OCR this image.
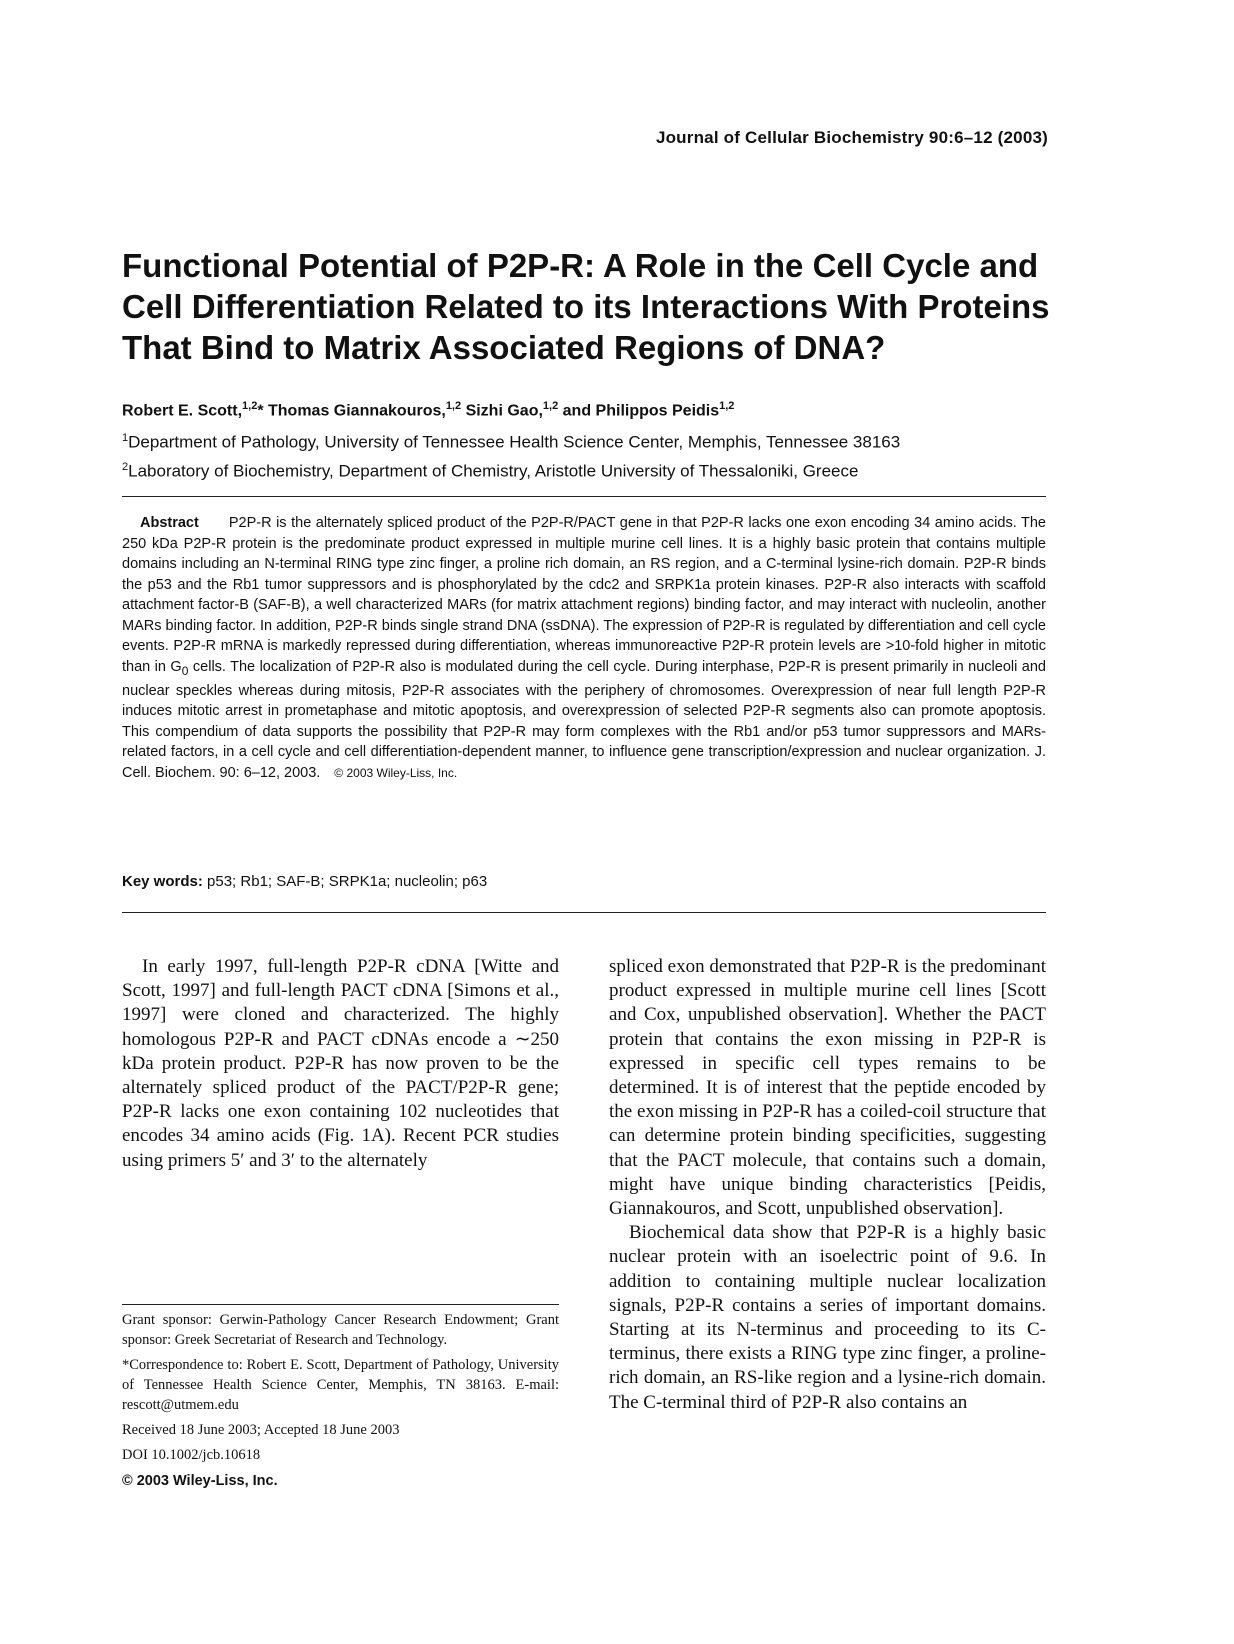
Journal of Cellular Biochemistry 90:6–12 (2003)
Functional Potential of P2P-R: A Role in the Cell Cycle and Cell Differentiation Related to its Interactions With Proteins That Bind to Matrix Associated Regions of DNA?
Robert E. Scott,$^{1,2}$* Thomas Giannakouros,$^{1,2}$ Sizhi Gao,$^{1,2}$ and Philippos Peidis$^{1,2}$
$^1$Department of Pathology, University of Tennessee Health Science Center, Memphis, Tennessee 38163
$^2$Laboratory of Biochemistry, Department of Chemistry, Aristotle University of Thessaloniki, Greece

Abstract P2P-R is the alternately spliced product of the P2P-R/PACT gene in that P2P-R lacks one exon encoding 34 amino acids. The 250 kDa P2P-R protein is the predominate product expressed in multiple murine cell lines. It is a highly basic protein that contains multiple domains including an N-terminal RING type zinc finger, a proline rich domain, an RS region, and a C-terminal lysine-rich domain. P2P-R binds the p53 and the Rb1 tumor suppressors and is phosphorylated by the cdc2 and SRPK1a protein kinases. P2P-R also interacts with scaffold attachment factor-B (SAF-B), a well characterized MARs (for matrix attachment regions) binding factor, and may interact with nucleolin, another MARs binding factor. In addition, P2P-R binds single strand DNA (ssDNA). The expression of P2P-R is regulated by differentiation and cell cycle events. P2P-R mRNA is markedly repressed during differentiation, whereas immunoreactive P2P-R protein levels are >10-fold higher in mitotic than in $G_0$ cells. The localization of P2P-R also is modulated during the cell cycle. During interphase, P2P-R is present primarily in nucleoli and nuclear speckles whereas during mitosis, P2P-R associates with the periphery of chromosomes. Overexpression of near full length P2P-R induces mitotic arrest in prometaphase and mitotic apoptosis, and overexpression of selected P2P-R segments also can promote apoptosis. This compendium of data supports the possibility that P2P-R may form complexes with the Rb1 and/or p53 tumor suppressors and MARs-related factors, in a cell cycle and cell differentiation-dependent manner, to influence gene transcription/expression and nuclear organization. J. Cell. Biochem. 90: 6–12, 2003. © 2003 Wiley-Liss, Inc.

Key words: p53; Rb1; SAF-B; SRPK1a; nucleolin; p63

In early 1997, full-length P2P-R cDNA [Witte and Scott, 1997] and full-length PACT cDNA [Simons et al., 1997] were cloned and characterized. The highly homologous P2P-R and PACT cDNAs encode a ∼250 kDa protein product. P2P-R has now proven to be the alternately spliced product of the PACT/P2P-R gene; P2P-R lacks one exon containing 102 nucleotides that encodes 34 amino acids (Fig. 1A). Recent PCR studies using primers 5′ and 3′ to the alternately

Grant sponsor: Gerwin-Pathology Cancer Research Endowment; Grant sponsor: Greek Secretariat of Research and Technology.

*Correspondence to: Robert E. Scott, Department of Pathology, University of Tennessee Health Science Center, Memphis, TN 38163. E-mail: rescott@utmem.edu

Received 18 June 2003; Accepted 18 June 2003

DOI 10.1002/jcb.10618

© 2003 Wiley-Liss, Inc.

spliced exon demonstrated that P2P-R is the predominant product expressed in multiple murine cell lines [Scott and Cox, unpublished observation]. Whether the PACT protein that contains the exon missing in P2P-R is expressed in specific cell types remains to be determined. It is of interest that the peptide encoded by the exon missing in P2P-R has a coiled-coil structure that can determine protein binding specificities, suggesting that the PACT molecule, that contains such a domain, might have unique binding characteristics [Peidis, Giannakouros, and Scott, unpublished observation].

Biochemical data show that P2P-R is a highly basic nuclear protein with an isoelectric point of 9.6. In addition to containing multiple nuclear localization signals, P2P-R contains a series of important domains. Starting at its N-terminus and proceeding to its C-terminus, there exists a RING type zinc finger, a proline-rich domain, an RS-like region and a lysine-rich domain. The C-terminal third of P2P-R also contains an
